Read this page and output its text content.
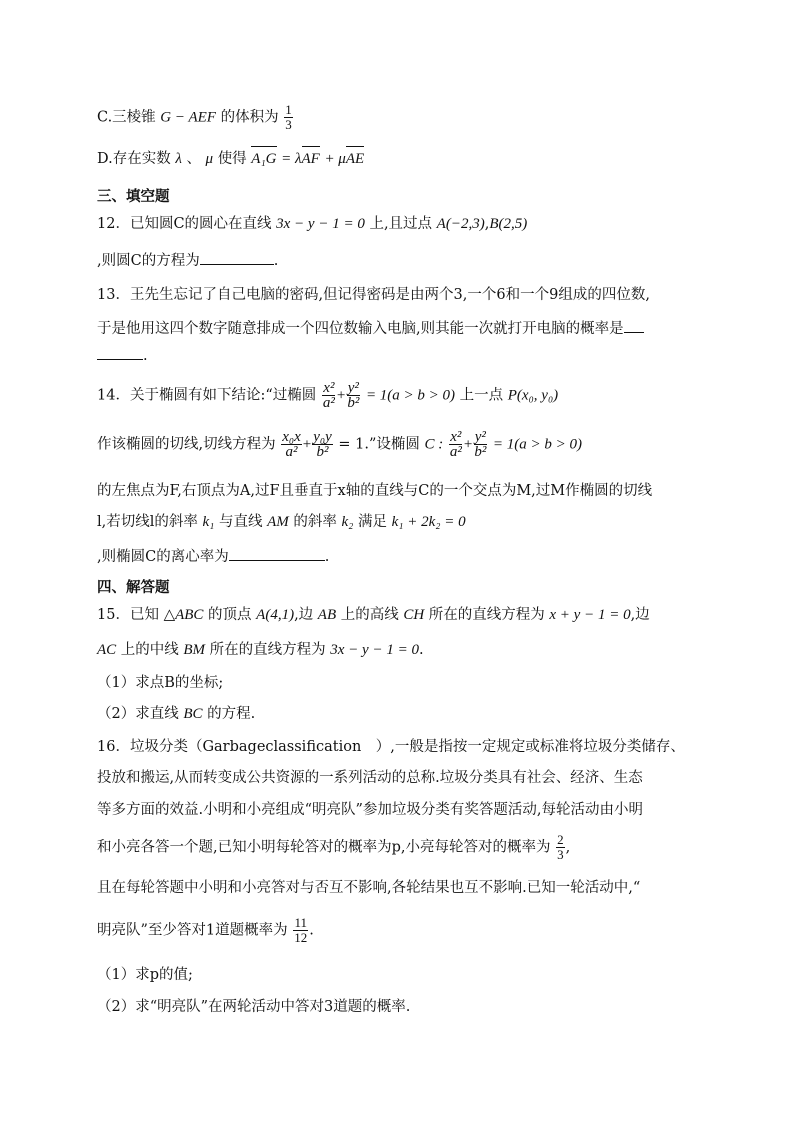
C.三棱锥 G − AEF 的体积为 $\frac{1}{3}$
D.存在实数 λ 、 μ 使得 A₁G = λAF + μAE
三、填空题
12．已知圆C的圆心在直线 3x − y − 1 = 0 上,且过点 A(−2,3),B(2,5)
,则圆C的方程为	.
13．王先生忘记了自己电脑的密码,但记得密码是由两个3,一个6和一个9组成的四位数,
于是他用这四个数字随意排成一个四位数输入电脑,则其能一次就打开电脑的概率是
.
14．关于椭圆有如下结论:“过椭圆 $\frac{\text{x²}}{\text{a²}} + \frac{\text{y²}}{\text{b²}} = 1(a > b > 0)$ 上一点 P(x₀, y₀)
作该椭圆的切线,切线方程为 $\frac{\text{x₀x}}{\text{a²}} + \frac{\text{y₀y}}{\text{b²}} = 1$.”设椭圆 C : $\frac{\text{x²}}{\text{a²}} + \frac{\text{y²}}{\text{b²}} = 1(a > b > 0)$
的左焦点为F,右顶点为A,过F且垂直于x轴的直线与C的一个交点为M,过M作椭圆的切线
l,若切线l的斜率 k₁ 与直线 AM 的斜率 k₂ 满足 k₁ + 2k₂ = 0
,则椭圆C的离心率为	.
四、解答题
15．已知 △ABC 的顶点 A(4,1),边 AB 上的高线 CH 所在的直线方程为 x + y − 1 = 0,边
AC 上的中线 BM 所在的直线方程为 3x − y − 1 = 0.
（1）求点B的坐标;
（2）求直线 BC 的方程.
16．垃圾分类（Garbageclassification　）,一般是指按一定规定或标准将垃圾分类储存、
投放和搬运,从而转变成公共资源的一系列活动的总称.垃圾分类具有社会、经济、生态
等多方面的效益.小明和小亮组成“明亮队”参加垃圾分类有奖答题活动,每轮活动由小明
和小亮各答一个题,已知小明每轮答对的概率为p,小亮每轮答对的概率为 $\frac{2}{3}$ ,
且在每轮答题中小明和小亮答对与否互不影响,各轮结果也互不影响.已知一轮活动中,“
明亮队”至少答对1道题概率为 $\frac{11}{12}$ .
（1）求p的值;
（2）求“明亮队”在两轮活动中答对3道题的概率.
